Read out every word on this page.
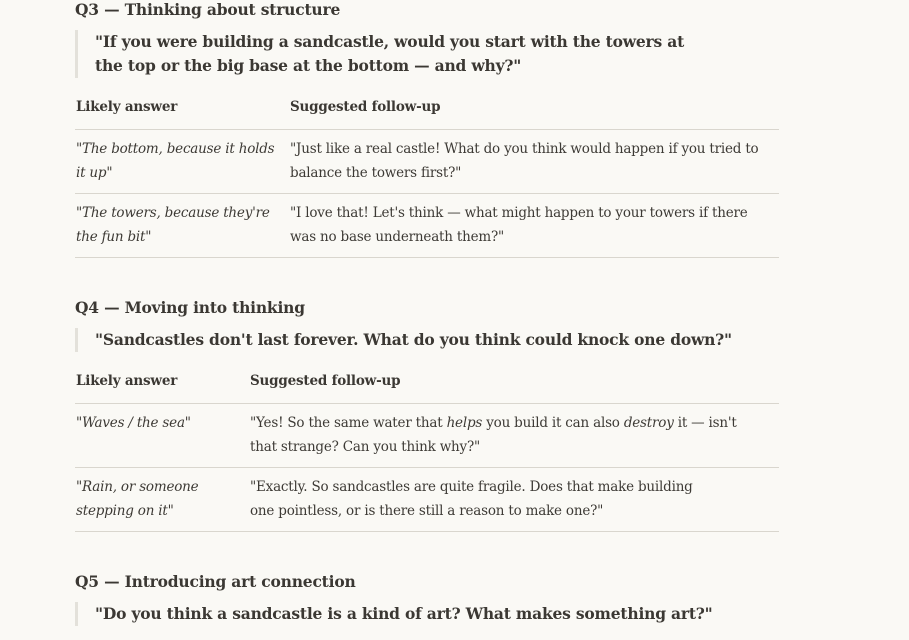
Q3 — Thinking about structure
"If you were building a sandcastle, would you start with the towers at the top or the big base at the bottom — and why?"
Likely answer	Suggested follow-up
"The bottom, because it holds it up"	"Just like a real castle! What do you think would happen if you tried to balance the towers first?"
"The towers, because they're the fun bit"	"I love that! Let's think — what might happen to your towers if there was no base underneath them?"
Q4 — Moving into thinking
"Sandcastles don't last forever. What do you think could knock one down?"
Likely answer	Suggested follow-up
"Waves / the sea"	"Yes! So the same water that helps you build it can also destroy it — isn't that strange? Can you think why?"
"Rain, or someone stepping on it"	"Exactly. So sandcastles are quite fragile. Does that make building one pointless, or is there still a reason to make one?"
Q5 — Introducing art connection
"Do you think a sandcastle is a kind of art? What makes something art?"
